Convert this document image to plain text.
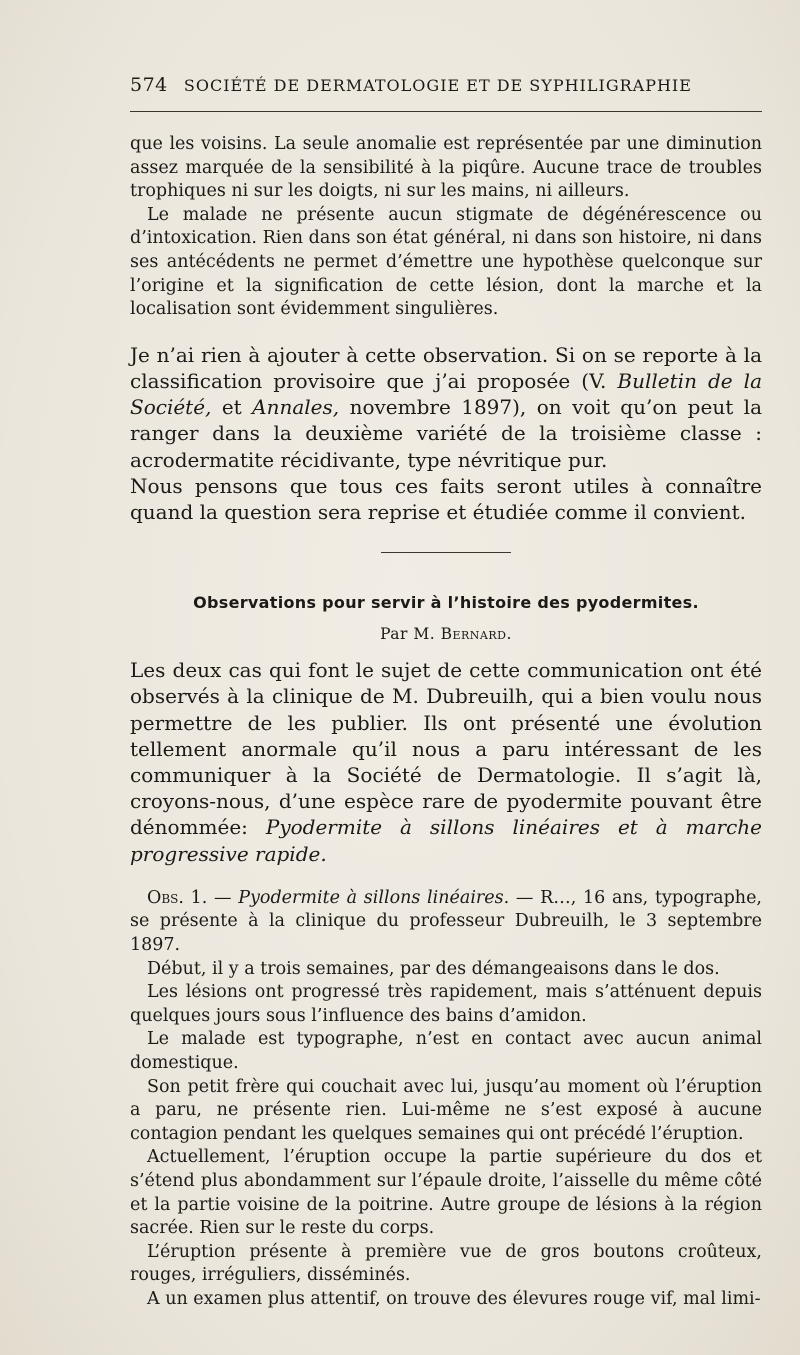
574 SOCIÉTÉ DE DERMATOLOGIE ET DE SYPHILIGRAPHIE

que les voisins. La seule anomalie est représentée par une diminution assez marquée de la sensibilité à la piqûre. Aucune trace de troubles trophiques ni sur les doigts, ni sur les mains, ni ailleurs.

Le malade ne présente aucun stigmate de dégénérescence ou d’intoxication. Rien dans son état général, ni dans son histoire, ni dans ses antécédents ne permet d’émettre une hypothèse quelconque sur l’origine et la signification de cette lésion, dont la marche et la localisation sont évidemment singulières.

Je n’ai rien à ajouter à cette observation. Si on se reporte à la classification provisoire que j’ai proposée (V. Bulletin de la Société, et Annales, novembre 1897), on voit qu’on peut la ranger dans la deuxième variété de la troisième classe : acrodermatite récidivante, type névritique pur.

Nous pensons que tous ces faits seront utiles à connaître quand la question sera reprise et étudiée comme il convient.

Observations pour servir à l’histoire des pyodermites.
Par M. Bernard.

Les deux cas qui font le sujet de cette communication ont été observés à la clinique de M. Dubreuilh, qui a bien voulu nous permettre de les publier. Ils ont présenté une évolution tellement anormale qu’il nous a paru intéressant de les communiquer à la Société de Dermatologie. Il s’agit là, croyons-nous, d’une espèce rare de pyodermite pouvant être dénommée: Pyodermite à sillons linéaires et à marche progressive rapide.

Obs. 1. — Pyodermite à sillons linéaires. — R…, 16 ans, typographe, se présente à la clinique du professeur Dubreuilh, le 3 septembre 1897.

Début, il y a trois semaines, par des démangeaisons dans le dos.

Les lésions ont progressé très rapidement, mais s’atténuent depuis quelques jours sous l’influence des bains d’amidon.

Le malade est typographe, n’est en contact avec aucun animal domestique.

Son petit frère qui couchait avec lui, jusqu’au moment où l’éruption a paru, ne présente rien. Lui-même ne s’est exposé à aucune contagion pendant les quelques semaines qui ont précédé l’éruption.

Actuellement, l’éruption occupe la partie supérieure du dos et s’étend plus abondamment sur l’épaule droite, l’aisselle du même côté et la partie voisine de la poitrine. Autre groupe de lésions à la région sacrée. Rien sur le reste du corps.

L’éruption présente à première vue de gros boutons croûteux, rouges, irréguliers, disséminés.

A un examen plus attentif, on trouve des élevures rouge vif, mal limi-
